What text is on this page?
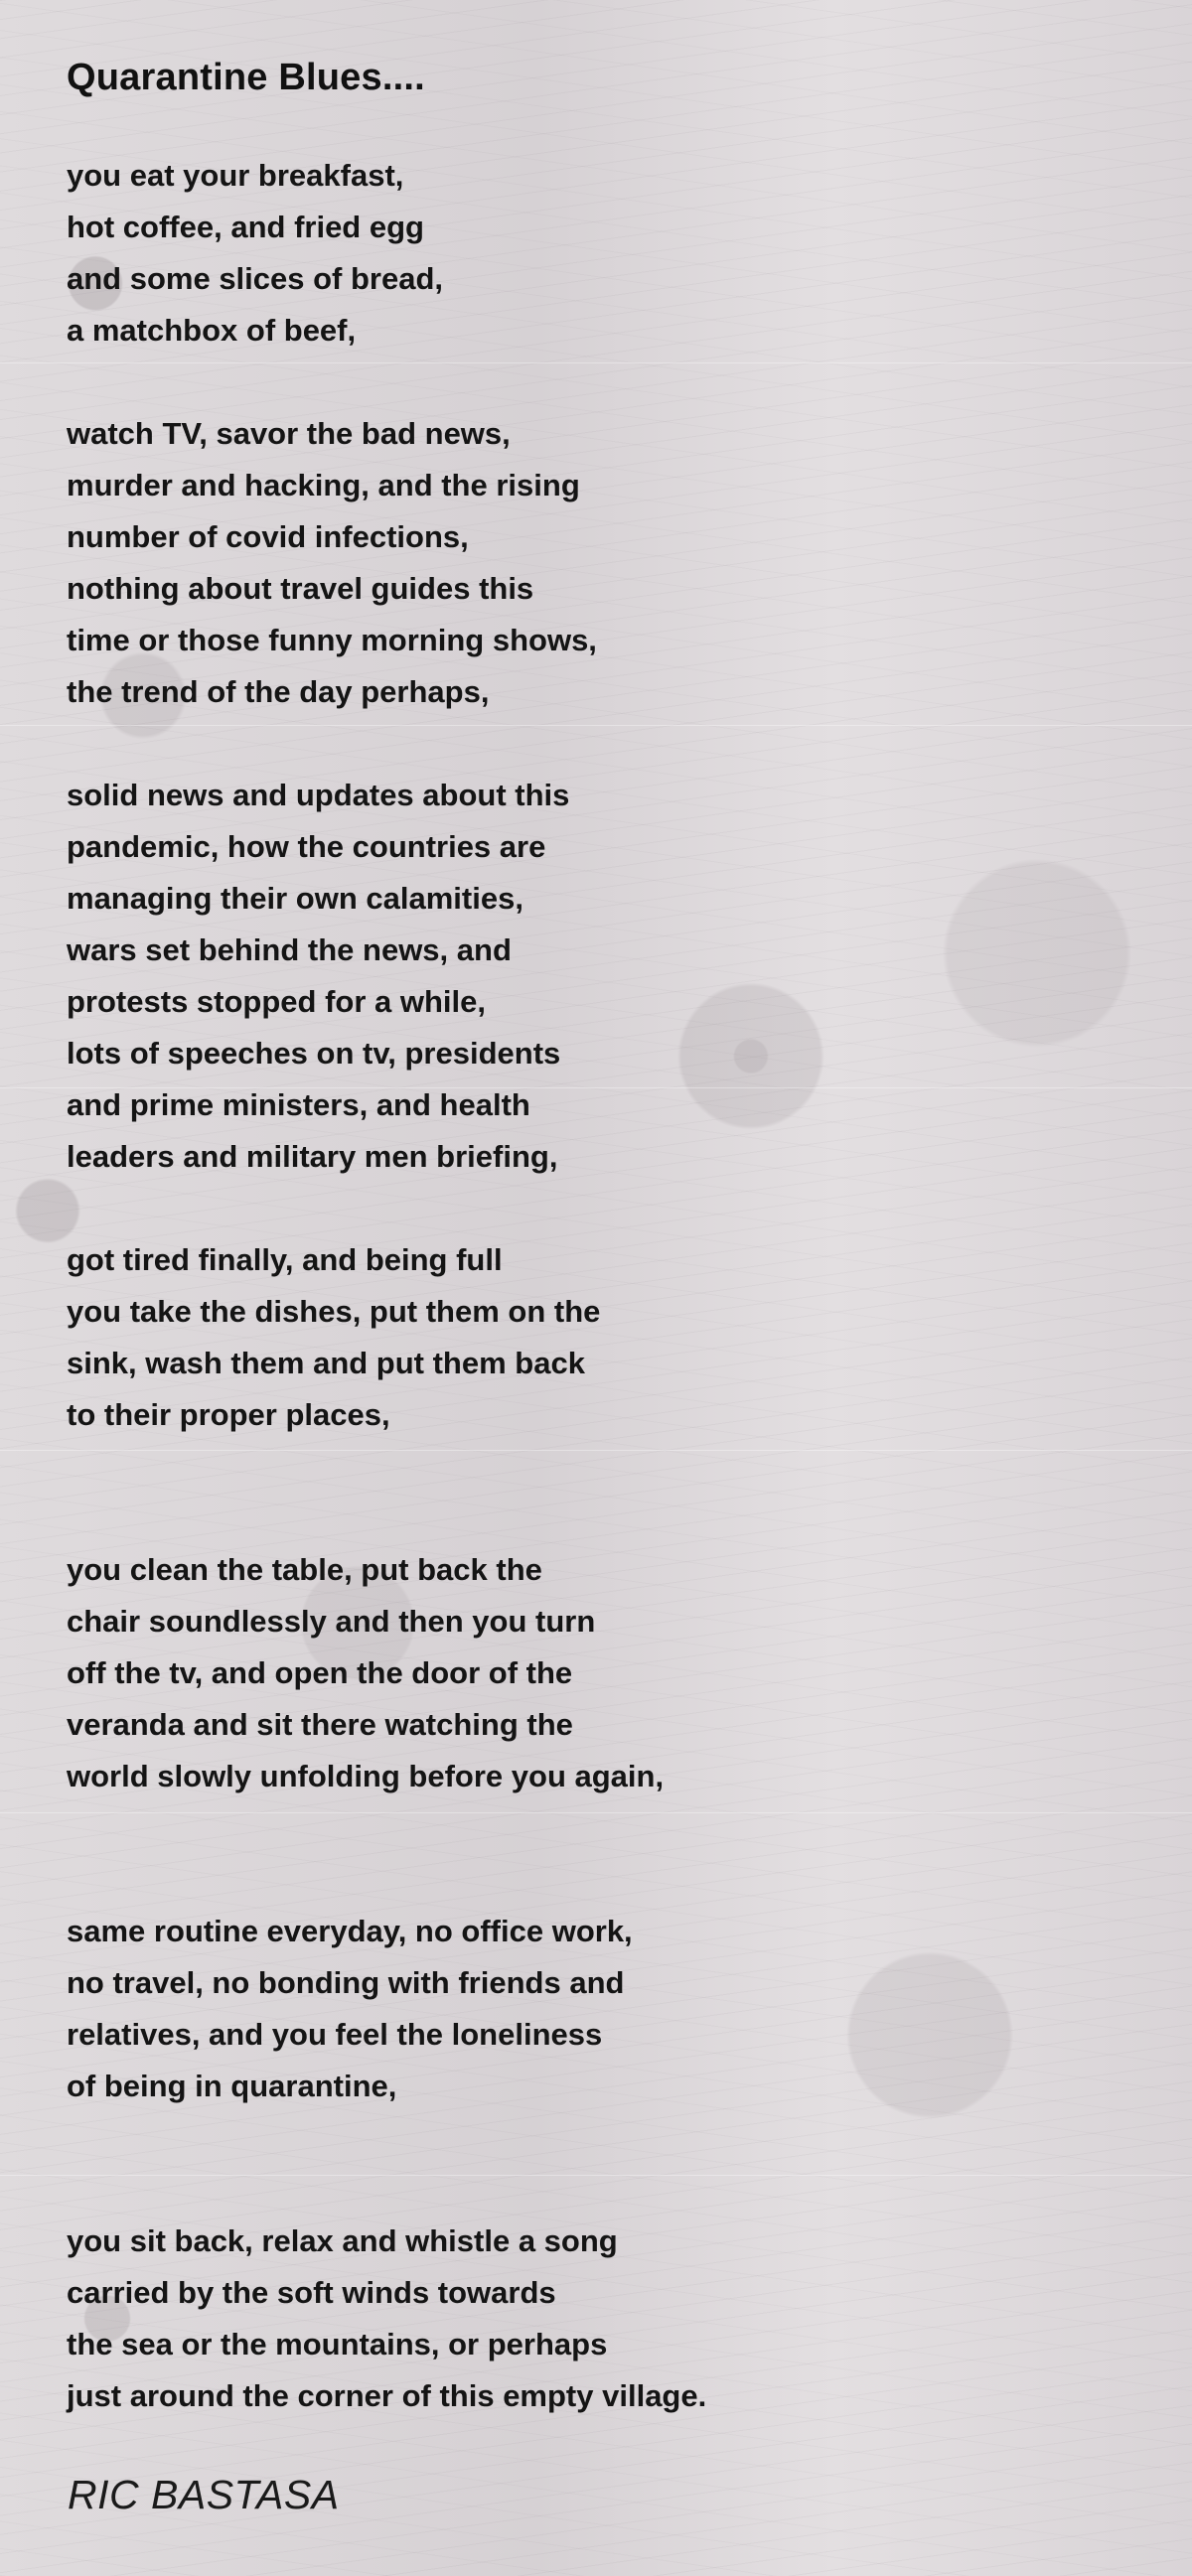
Quarantine Blues....
you eat your breakfast,
hot coffee, and fried egg
and some slices of bread,
a matchbox of beef,
watch TV, savor the bad news,
murder and hacking, and the rising
number of covid infections,
nothing about travel guides this
time or those funny morning shows,
the trend of the day perhaps,
solid news and updates about this
pandemic, how the countries are
managing their own calamities,
wars set behind the news, and
protests stopped for a while,
lots of speeches on tv, presidents
and prime ministers, and health
leaders and military men briefing,
got tired finally, and being full
you take the dishes, put them on the
sink, wash them and put them back
to their proper places,
you clean the table, put back the
chair soundlessly and then you turn
off the tv, and open the door of the
veranda and sit there watching the
world slowly unfolding before you again,
same routine everyday, no office work,
no travel, no bonding with friends and
relatives, and you feel the loneliness
of being in quarantine,
you sit back, relax and whistle a song
carried by the soft winds towards
the sea or the mountains, or perhaps
just around the corner of this empty village.
RIC BASTASA
